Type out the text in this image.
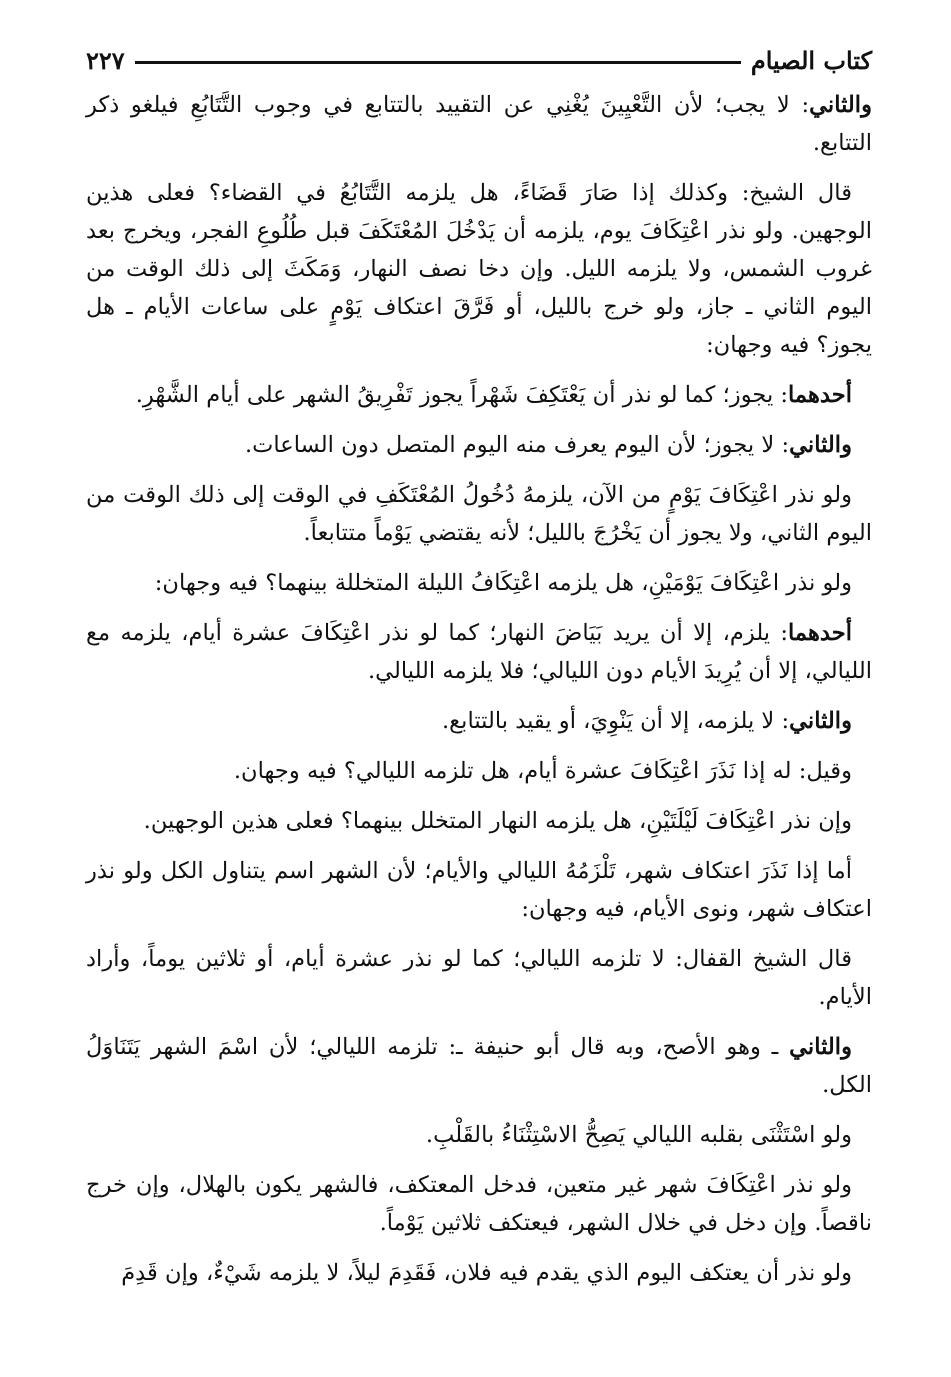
كتاب الصيام
٢٢٧

والثاني: لا يجب؛ لأن التَّعْيِينَ يُغْنِي عن التقييد بالتتابع في وجوب التَّتَابُعِ فيلغو ذكر التتابع.

قال الشيخ: وكذلك إذا صَارَ قَضَاءً، هل يلزمه التَّتَابُعُ في القضاء؟ فعلى هذين الوجهين. ولو نذر اعْتِكَافَ يوم، يلزمه أن يَدْخُلَ المُعْتَكَفَ قبل طُلُوعِ الفجر، ويخرج بعد غروب الشمس، ولا يلزمه الليل. وإن دخا نصف النهار، وَمَكَثَ إلى ذلك الوقت من اليوم الثاني ـ جاز، ولو خرج بالليل، أو فَرَّقَ اعتكاف يَوْمٍ على ساعات الأيام ـ هل يجوز؟ فيه وجهان:

أحدهما: يجوز؛ كما لو نذر أن يَعْتَكِفَ شَهْراً يجوز تَفْرِيقُ الشهر على أيام الشَّهْرِ.

والثاني: لا يجوز؛ لأن اليوم يعرف منه اليوم المتصل دون الساعات.

ولو نذر اعْتِكَافَ يَوْمٍ من الآن، يلزمهُ دُخُولُ المُعْتَكَفِ في الوقت إلى ذلك الوقت من اليوم الثاني، ولا يجوز أن يَخْرُجَ بالليل؛ لأنه يقتضي يَوْماً متتابعاً.

ولو نذر اعْتِكَافَ يَوْمَيْنِ، هل يلزمه اعْتِكَافُ الليلة المتخللة بينهما؟ فيه وجهان:

أحدهما: يلزم، إلا أن يريد بَيَاضَ النهار؛ كما لو نذر اعْتِكَافَ عشرة أيام، يلزمه مع الليالي، إلا أن يُرِيدَ الأيام دون الليالي؛ فلا يلزمه الليالي.

والثاني: لا يلزمه، إلا أن يَنْوِيَ، أو يقيد بالتتابع.

وقيل: له إذا نَذَرَ اعْتِكَافَ عشرة أيام، هل تلزمه الليالي؟ فيه وجهان.

وإن نذر اعْتِكَافَ لَيْلَتَيْنِ، هل يلزمه النهار المتخلل بينهما؟ فعلى هذين الوجهين.

أما إذا نَذَرَ اعتكاف شهر، تَلْزَمُهُ الليالي والأيام؛ لأن الشهر اسم يتناول الكل ولو نذر اعتكاف شهر، ونوى الأيام، فيه وجهان:

قال الشيخ القفال: لا تلزمه الليالي؛ كما لو نذر عشرة أيام، أو ثلاثين يوماً، وأراد الأيام.

والثاني ـ وهو الأصح، وبه قال أبو حنيفة ـ: تلزمه الليالي؛ لأن اسْمَ الشهر يَتَنَاوَلُ الكل.

ولو اسْتَثْنَى بقلبه الليالي يَصِحُّ الاسْتِثْنَاءُ بالقَلْبِ.

ولو نذر اعْتِكَافَ شهر غير متعين، فدخل المعتكف، فالشهر يكون بالهلال، وإن خرج ناقصاً. وإن دخل في خلال الشهر، فيعتكف ثلاثين يَوْماً.

ولو نذر أن يعتكف اليوم الذي يقدم فيه فلان، فَقَدِمَ ليلاً، لا يلزمه شَيْءٌ، وإن قَدِمَ
